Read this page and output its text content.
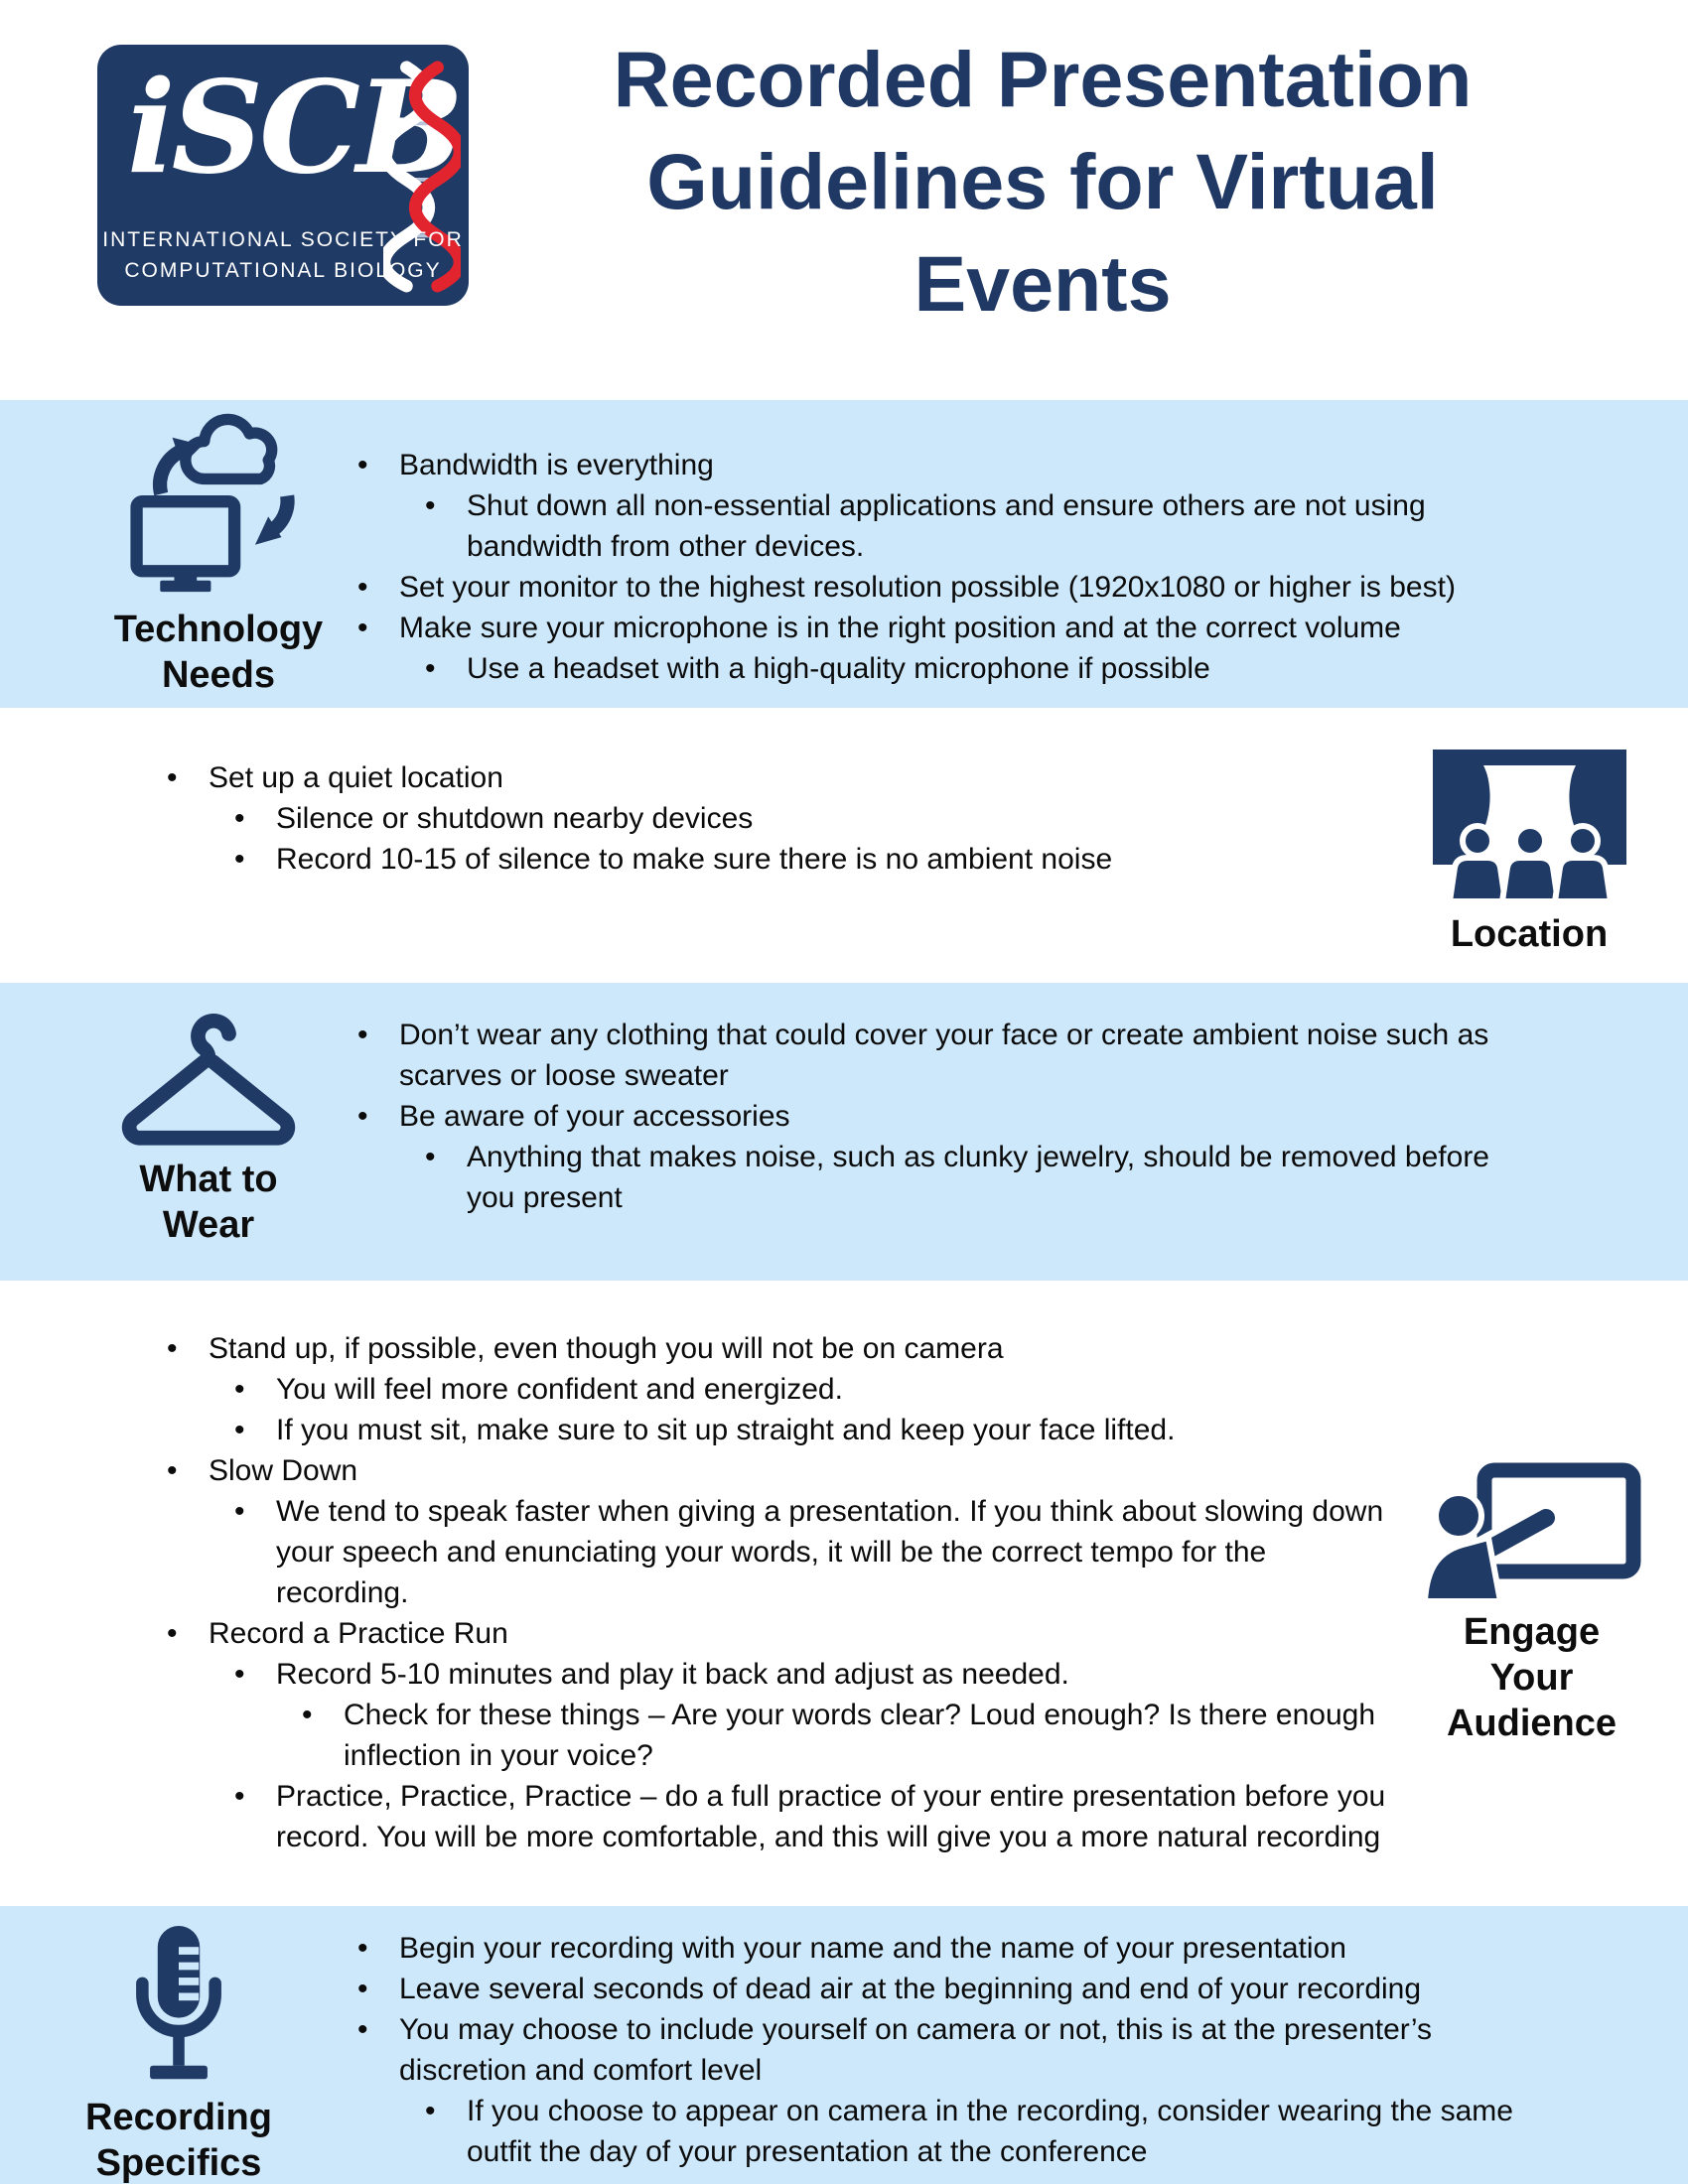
iSCB
INTERNATIONAL SOCIETY FOR
COMPUTATIONAL BIOLOGY
Recorded Presentation
Guidelines for Virtual
Events
Technology
Needs
• Bandwidth is everything
• Shut down all non-essential applications and ensure others are not using bandwidth from other devices.
• Set your monitor to the highest resolution possible (1920x1080 or higher is best)
• Make sure your microphone is in the right position and at the correct volume
• Use a headset with a high-quality microphone if possible
• Set up a quiet location
• Silence or shutdown nearby devices
• Record 10-15 of silence to make sure there is no ambient noise
Location
What to
Wear
• Don’t wear any clothing that could cover your face or create ambient noise such as scarves or loose sweater
• Be aware of your accessories
• Anything that makes noise, such as clunky jewelry, should be removed before you present
• Stand up, if possible, even though you will not be on camera
• You will feel more confident and energized.
• If you must sit, make sure to sit up straight and keep your face lifted.
• Slow Down
• We tend to speak faster when giving a presentation. If you think about slowing down your speech and enunciating your words, it will be the correct tempo for the recording.
• Record a Practice Run
• Record 5-10 minutes and play it back and adjust as needed.
• Check for these things – Are your words clear? Loud enough? Is there enough inflection in your voice?
• Practice, Practice, Practice – do a full practice of your entire presentation before you record. You will be more comfortable, and this will give you a more natural recording
Engage
Your
Audience
Recording
Specifics
• Begin your recording with your name and the name of your presentation
• Leave several seconds of dead air at the beginning and end of your recording
• You may choose to include yourself on camera or not, this is at the presenter’s discretion and comfort level
• If you choose to appear on camera in the recording, consider wearing the same outfit the day of your presentation at the conference
